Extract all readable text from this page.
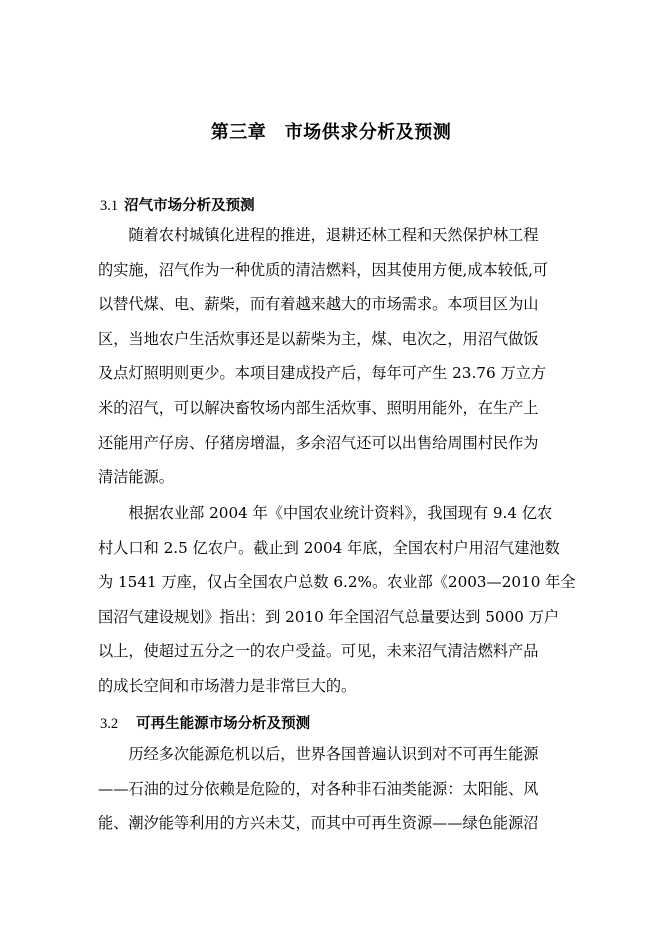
第三章　市场供求分析及预测
3.1 沼气市场分析及预测
　　随着农村城镇化进程的推进，退耕还林工程和天然保护林工程
的实施，沼气作为一种优质的清洁燃料，因其使用方便,成本较低,可
以替代煤、电、薪柴，而有着越来越大的市场需求。本项目区为山
区，当地农户生活炊事还是以薪柴为主，煤、电次之，用沼气做饭
及点灯照明则更少。本项目建成投产后，每年可产生 23.76 万立方
米的沼气，可以解决畜牧场内部生活炊事、照明用能外，在生产上
还能用产仔房、仔猪房增温，多余沼气还可以出售给周围村民作为
清洁能源。
　　根据农业部 2004 年《中国农业统计资料》，我国现有 9.4 亿农
村人口和 2.5 亿农户。截止到 2004 年底，全国农村户用沼气建池数
为 1541 万座，仅占全国农户总数 6.2%。农业部《2003—2010 年全
国沼气建设规划》指出：到 2010 年全国沼气总量要达到 5000 万户
以上，使超过五分之一的农户受益。可见，未来沼气清洁燃料产品
的成长空间和市场潜力是非常巨大的。
3.2 可再生能源市场分析及预测
　　历经多次能源危机以后，世界各国普遍认识到对不可再生能源
——石油的过分依赖是危险的，对各种非石油类能源：太阳能、风
能、潮汐能等利用的方兴未艾，而其中可再生资源——绿色能源沼
